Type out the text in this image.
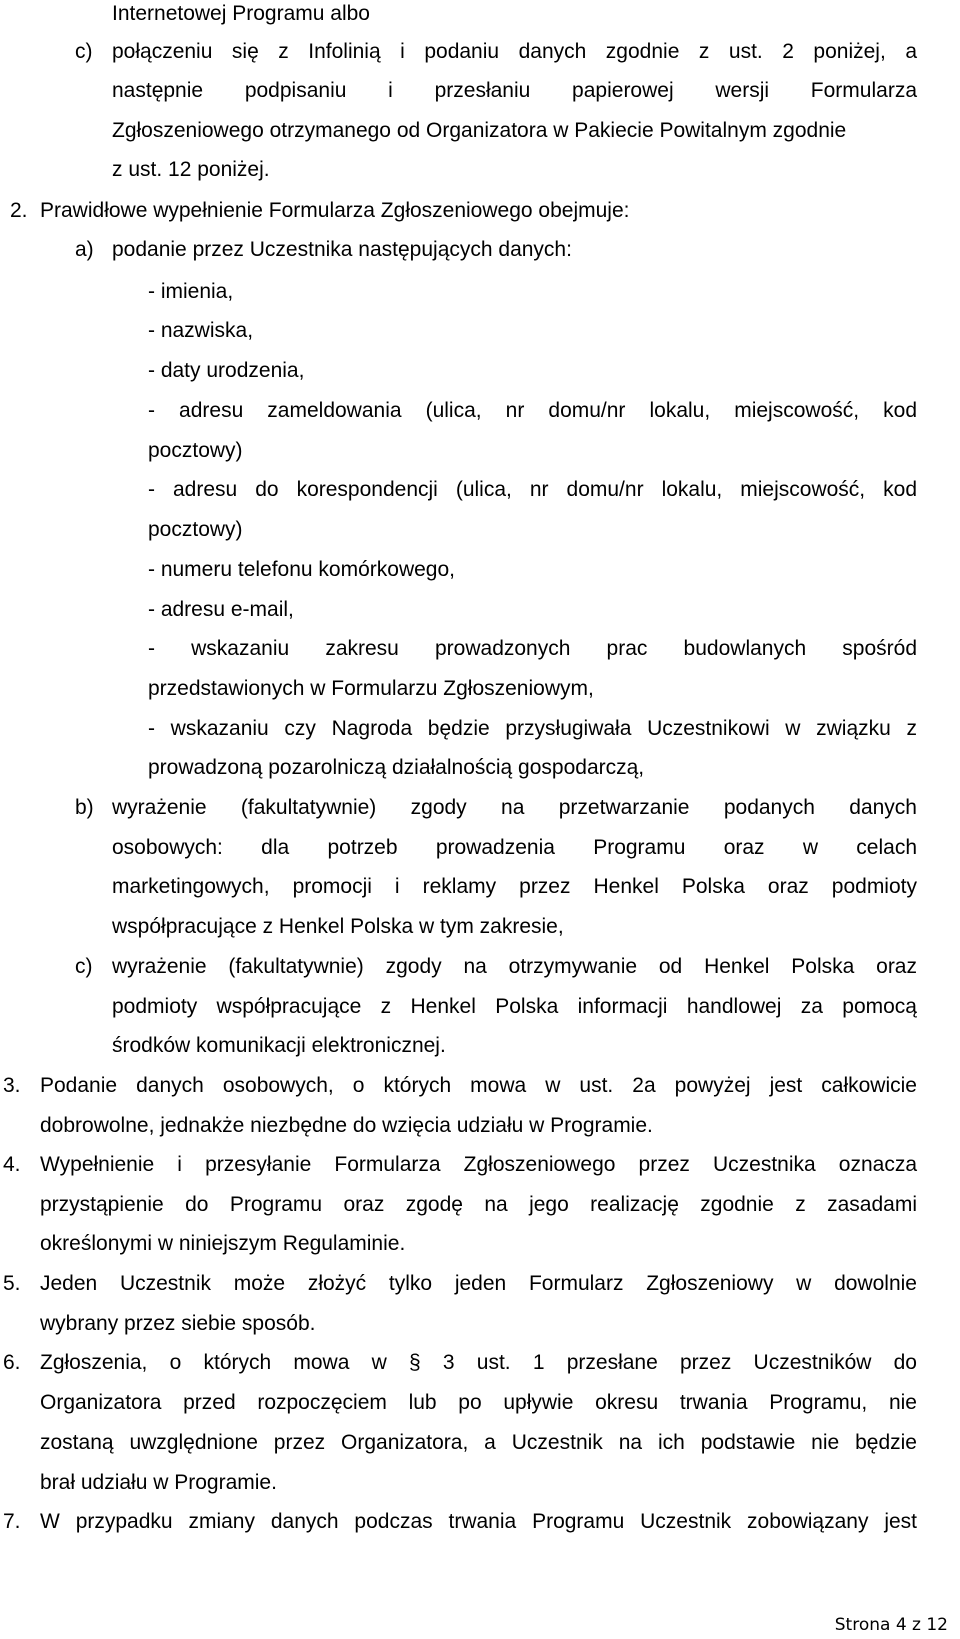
Internetowej Programu albo

c) połączeniu się z Infolinią i podaniu danych zgodnie z ust. 2 poniżej, a

następnie podpisaniu i przesłaniu papierowej wersji Formularza

Zgłoszeniowego otrzymanego od Organizatora w Pakiecie Powitalnym zgodnie

z ust. 12 poniżej.

2. Prawidłowe wypełnienie Formularza Zgłoszeniowego obejmuje:

a) podanie przez Uczestnika następujących danych:

- imienia,

- nazwiska,

- daty urodzenia,

- adresu zameldowania (ulica, nr domu/nr lokalu, miejscowość, kod

pocztowy)

- adresu do korespondencji (ulica, nr domu/nr lokalu, miejscowość, kod

pocztowy)

- numeru telefonu komórkowego,

- adresu e-mail,

- wskazaniu zakresu prowadzonych prac budowlanych spośród

przedstawionych w Formularzu Zgłoszeniowym,

- wskazaniu czy Nagroda będzie przysługiwała Uczestnikowi w związku z

prowadzoną pozarolniczą działalnością gospodarczą,

b) wyrażenie (fakultatywnie) zgody na przetwarzanie podanych danych

osobowych: dla potrzeb prowadzenia Programu oraz w celach

marketingowych, promocji i reklamy przez Henkel Polska oraz podmioty

współpracujące z Henkel Polska w tym zakresie,

c) wyrażenie (fakultatywnie) zgody na otrzymywanie od Henkel Polska oraz

podmioty współpracujące z Henkel Polska informacji handlowej za pomocą

środków komunikacji elektronicznej.

3. Podanie danych osobowych, o których mowa w ust. 2a powyżej jest całkowicie

dobrowolne, jednakże niezbędne do wzięcia udziału w Programie.

4. Wypełnienie i przesyłanie Formularza Zgłoszeniowego przez Uczestnika oznacza

przystąpienie do Programu oraz zgodę na jego realizację zgodnie z zasadami

określonymi w niniejszym Regulaminie.

5. Jeden Uczestnik może złożyć tylko jeden Formularz Zgłoszeniowy w dowolnie

wybrany przez siebie sposób.

6. Zgłoszenia, o których mowa w § 3 ust. 1 przesłane przez Uczestników do

Organizatora przed rozpoczęciem lub po upływie okresu trwania Programu, nie

zostaną uwzględnione przez Organizatora, a Uczestnik na ich podstawie nie będzie

brał udziału w Programie.

7. W przypadku zmiany danych podczas trwania Programu Uczestnik zobowiązany jest

Strona 4 z 12
